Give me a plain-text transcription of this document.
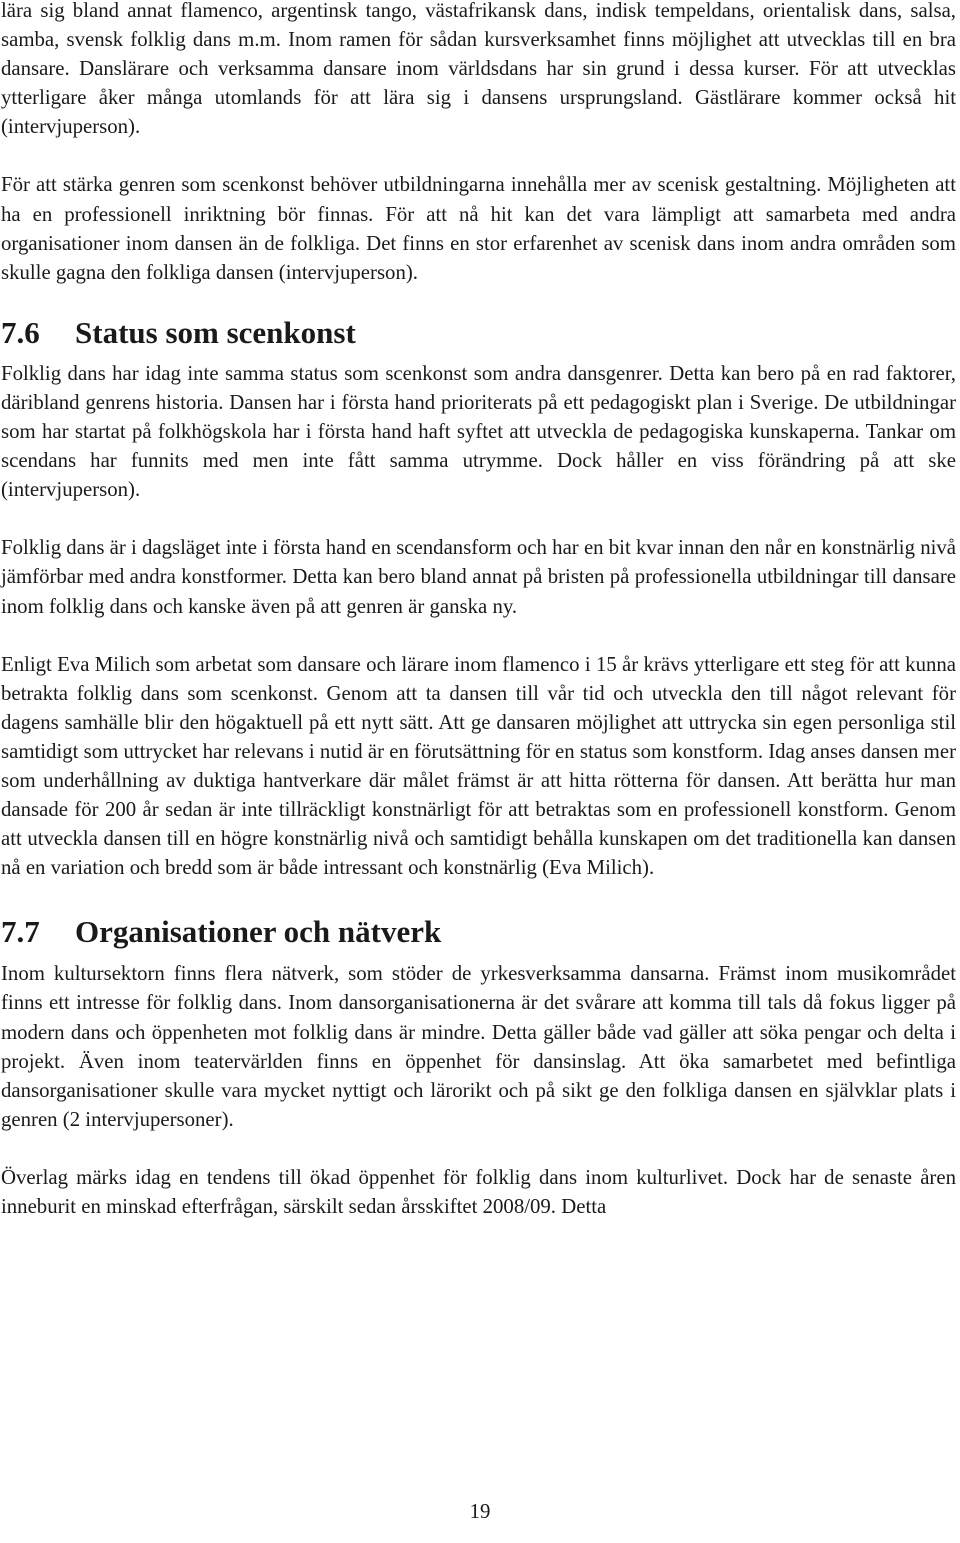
lära sig bland annat flamenco, argentinsk tango, västafrikansk dans, indisk tempeldans, orientalisk dans, salsa, samba, svensk folklig dans m.m. Inom ramen för sådan kursverksamhet finns möjlighet att utvecklas till en bra dansare. Danslärare och verksamma dansare inom världsdans har sin grund i dessa kurser. För att utvecklas ytterligare åker många utomlands för att lära sig i dansens ursprungsland. Gästlärare kommer också hit (intervjuperson).

För att stärka genren som scenkonst behöver utbildningarna innehålla mer av scenisk gestaltning. Möjligheten att ha en professionell inriktning bör finnas. För att nå hit kan det vara lämpligt att samarbeta med andra organisationer inom dansen än de folkliga. Det finns en stor erfarenhet av scenisk dans inom andra områden som skulle gagna den folkliga dansen (intervjuperson).

7.6	Status som scenkonst

Folklig dans har idag inte samma status som scenkonst som andra dansgenrer. Detta kan bero på en rad faktorer, däribland genrens historia. Dansen har i första hand prioriterats på ett pedagogiskt plan i Sverige. De utbildningar som har startat på folkhögskola har i första hand haft syftet att utveckla de pedagogiska kunskaperna. Tankar om scendans har funnits med men inte fått samma utrymme. Dock håller en viss förändring på att ske (intervjuperson).

Folklig dans är i dagsläget inte i första hand en scendansform och har en bit kvar innan den når en konstnärlig nivå jämförbar med andra konstformer. Detta kan bero bland annat på bristen på professionella utbildningar till dansare inom folklig dans och kanske även på att genren är ganska ny.

Enligt Eva Milich som arbetat som dansare och lärare inom flamenco i 15 år krävs ytterligare ett steg för att kunna betrakta folklig dans som scenkonst. Genom att ta dansen till vår tid och utveckla den till något relevant för dagens samhälle blir den högaktuell på ett nytt sätt. Att ge dansaren möjlighet att uttrycka sin egen personliga stil samtidigt som uttrycket har relevans i nutid är en förutsättning för en status som konstform. Idag anses dansen mer som underhållning av duktiga hantverkare där målet främst är att hitta rötterna för dansen. Att berätta hur man dansade för 200 år sedan är inte tillräckligt konstnärligt för att betraktas som en professionell konstform. Genom att utveckla dansen till en högre konstnärlig nivå och samtidigt behålla kunskapen om det traditionella kan dansen nå en variation och bredd som är både intressant och konstnärlig (Eva Milich).

7.7	Organisationer och nätverk

Inom kultursektorn finns flera nätverk, som stöder de yrkesverksamma dansarna. Främst inom musikområdet finns ett intresse för folklig dans. Inom dansorganisationerna är det svårare att komma till tals då fokus ligger på modern dans och öppenheten mot folklig dans är mindre. Detta gäller både vad gäller att söka pengar och delta i projekt. Även inom teatervärlden finns en öppenhet för dansinslag. Att öka samarbetet med befintliga dansorganisationer skulle vara mycket nyttigt och lärorikt och på sikt ge den folkliga dansen en självklar plats i genren (2 intervjupersoner).

Överlag märks idag en tendens till ökad öppenhet för folklig dans inom kulturlivet. Dock har de senaste åren inneburit en minskad efterfrågan, särskilt sedan årsskiftet 2008/09. Detta

19
